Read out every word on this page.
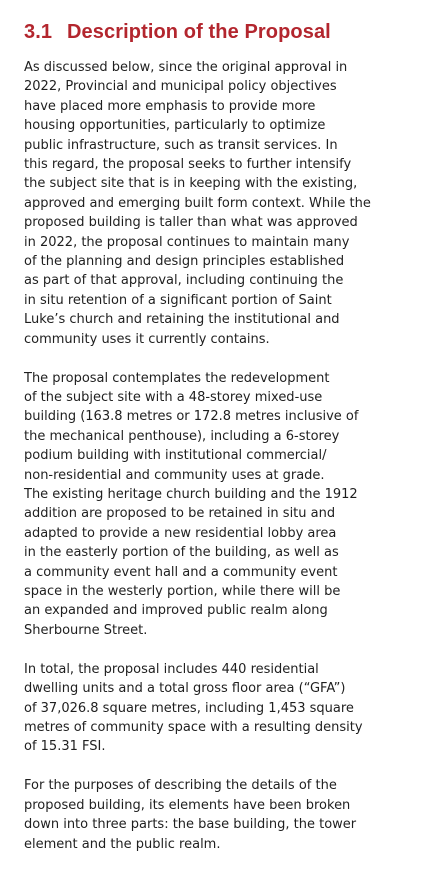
3.1 Description of the Proposal

As discussed below, since the original approval in
2022, Provincial and municipal policy objectives
have placed more emphasis to provide more
housing opportunities, particularly to optimize
public infrastructure, such as transit services. In
this regard, the proposal seeks to further intensify
the subject site that is in keeping with the existing,
approved and emerging built form context. While the
proposed building is taller than what was approved
in 2022, the proposal continues to maintain many
of the planning and design principles established
as part of that approval, including continuing the
in situ retention of a significant portion of Saint
Luke’s church and retaining the institutional and
community uses it currently contains.

The proposal contemplates the redevelopment
of the subject site with a 48-storey mixed-use
building (163.8 metres or 172.8 metres inclusive of
the mechanical penthouse), including a 6-storey
podium building with institutional commercial/
non-residential and community uses at grade.
The existing heritage church building and the 1912
addition are proposed to be retained in situ and
adapted to provide a new residential lobby area
in the easterly portion of the building, as well as
a community event hall and a community event
space in the westerly portion, while there will be
an expanded and improved public realm along
Sherbourne Street.

In total, the proposal includes 440 residential
dwelling units and a total gross floor area (“GFA”)
of 37,026.8 square metres, including 1,453 square
metres of community space with a resulting density
of 15.31 FSI.

For the purposes of describing the details of the
proposed building, its elements have been broken
down into three parts: the base building, the tower
element and the public realm.
